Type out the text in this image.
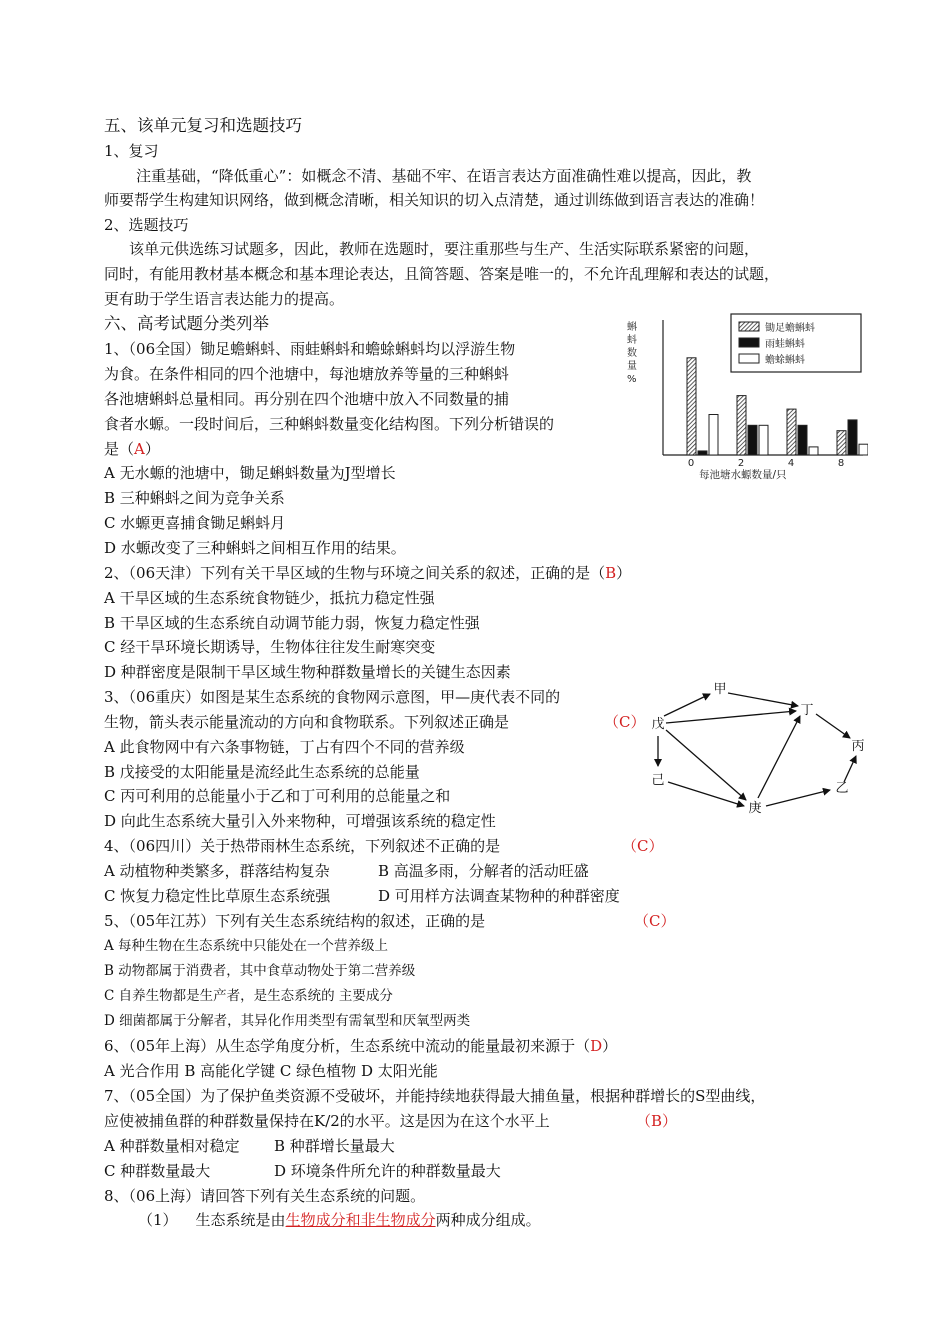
五、该单元复习和选题技巧
1、复习
注重基础，“降低重心”：如概念不清、基础不牢、在语言表达方面准确性难以提高，因此，教
师要帮学生构建知识网络，做到概念清晰，相关知识的切入点清楚，通过训练做到语言表达的准确！
2、选题技巧
该单元供选练习试题多，因此，教师在选题时，要注重那些与生产、生活实际联系紧密的问题，
同时，有能用教材基本概念和基本理论表达，且简答题、答案是唯一的，不允许乱理解和表达的试题，
更有助于学生语言表达能力的提高。
六、高考试题分类列举
1、（06全国）锄足蟾蝌蚪、雨蛙蝌蚪和蟾蜍蝌蚪均以浮游生物
为食。在条件相同的四个池塘中，每池塘放养等量的三种蝌蚪
各池塘蝌蚪总量相同。再分别在四个池塘中放入不同数量的捕
食者水螈。一段时间后，三种蝌蚪数量变化结构图。下列分析错误的
是（A）
A 无水螈的池塘中，锄足蝌蚪数量为J型增长
B 三种蝌蚪之间为竞争关系
C 水螈更喜捕食锄足蝌蚪月
D 水螈改变了三种蝌蚪之间相互作用的结果。
锄足蟾蝌蚪
雨蛙蝌蚪
蟾蜍蝌蚪
蝌蚪数量%
每池塘水螈数量/只
0	2	4	8
2、（06天津）下列有关干旱区域的生物与环境之间关系的叙述，正确的是（B）
A 干旱区域的生态系统食物链少，抵抗力稳定性强
B 干旱区域的生态系统自动调节能力弱，恢复力稳定性强
C 经干旱环境长期诱导，生物体往往发生耐寒突变
D 种群密度是限制干旱区域生物种群数量增长的关键生态因素
3、（06重庆）如图是某生态系统的食物网示意图，甲—庚代表不同的
生物，箭头表示能量流动的方向和食物联系。下列叙述正确是	（C）
A 此食物网中有六条事物链，丁占有四个不同的营养级
B 戊接受的太阳能量是流经此生态系统的总能量
C 丙可利用的总能量小于乙和丁可利用的总能量之和
D 向此生态系统大量引入外来物种，可增强该系统的稳定性
戊
甲
丁
丙
己
庚
乙
4、（06四川）关于热带雨林生态系统，下列叙述不正确的是	（C）
A 动植物种类繁多，群落结构复杂	B 高温多雨，分解者的活动旺盛
C 恢复力稳定性比草原生态系统强	D 可用样方法调查某物种的种群密度
5、（05年江苏）下列有关生态系统结构的叙述，正确的是	（C）
A 每种生物在生态系统中只能处在一个营养级上
B 动物都属于消费者，其中食草动物处于第二营养级
C 自养生物都是生产者，是生态系统的 主要成分
D 细菌都属于分解者，其异化作用类型有需氧型和厌氧型两类
6、（05年上海）从生态学角度分析，生态系统中流动的能量最初来源于（D）
A 光合作用 B 高能化学键 C 绿色植物 D 太阳光能
7、（05全国）为了保护鱼类资源不受破坏，并能持续地获得最大捕鱼量，根据种群增长的S型曲线，
应使被捕鱼群的种群数量保持在K/2的水平。这是因为在这个水平上	（B）
A 种群数量相对稳定 B 种群增长量最大
C 种群数量最大	D 环境条件所允许的种群数量最大
8、（06上海）请回答下列有关生态系统的问题。
（1） 生态系统是由生物成分和非生物成分两种成分组成。
